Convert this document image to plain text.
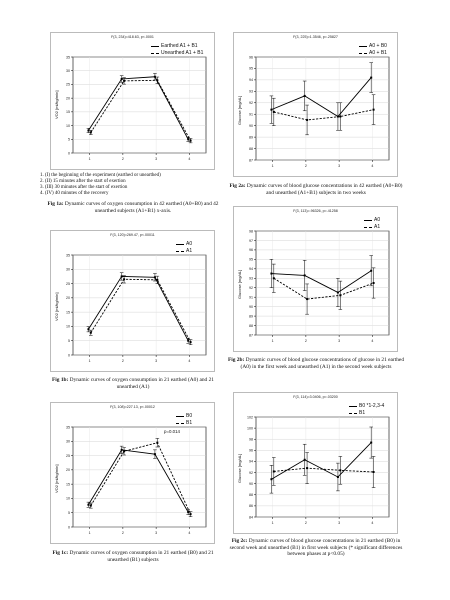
F(3, 234)=418.63, p<.0001
VO2 [ml/kg/min]
Earthed A1 + B1
Unearthed A1 + B1
0
5
10
15
20
25
30
35
1	2	3	4
1. (I) the beginning of the experiment (earthed or unearthed)
2. (II) 15 minutes after the start of exertion
3. (III) 30 minutes after the start of exertion
4. (IV) 40 minutes of the recovery
Fig 1a: Dynamic curves of oxygen consumption in 42 earthed (A0+B0) and 42 unearthed subjects (A1+B1) x-axis.
F(3, 120)=269.47, p<.00011
VO2 [ml/kg/min]
A0
A1
0
5
10
15
20
25
30
35
1	2	3	4
Fig 1b: Dynamic curves of oxygen consumption in 21 earthed (A0) and 21 unearthed (A1)
F(3, 108)=227.13, p<.00012
VO2 [ml/kg/min]
B0
B1
p=0.014
0
5
10
15
20
25
30
35
1	2	3	4
Fig 1c: Dynamic curves of oxygen consumption in 21 earthed (B0) and 21 unearthed (B1) subjects
F(3, 225)=1.3546, p=.25827
Glucose [mg/dL]
A0 + B0
A0 + B1
87
88
89
90
91
92
93
94
95
96
1	2	3	4
Fig 2a: Dynamic curves of blood glucose concentrations in 42 earthed (A0+B0) and unearthed (A1+B1) subjects in two weeks
F(3, 113)=.96326, p=.41258
Glucose [mg/dL]
A0
A1
87
88
89
90
91
92
93
94
95
96
97
98
1	2	3	4
Fig 2b: Dynamic curves of blood glucose concentrations of glucose in 21 earthed (A0) in the first week and unearthed (A1) in the second week subjects
F(3, 114)=3.0406, p=.03200
Glucose [mg/dL]
B0 *1-2,3-4
B1
84
86
88
90
92
94
96
98
100
102
1	2	3	4
Fig 2c: Dynamic curves of blood glucose concentrations in 21 earthed (B0) in second week and unearthed (B1) in first week subjects (* significant differences between phases at p<0.05)
